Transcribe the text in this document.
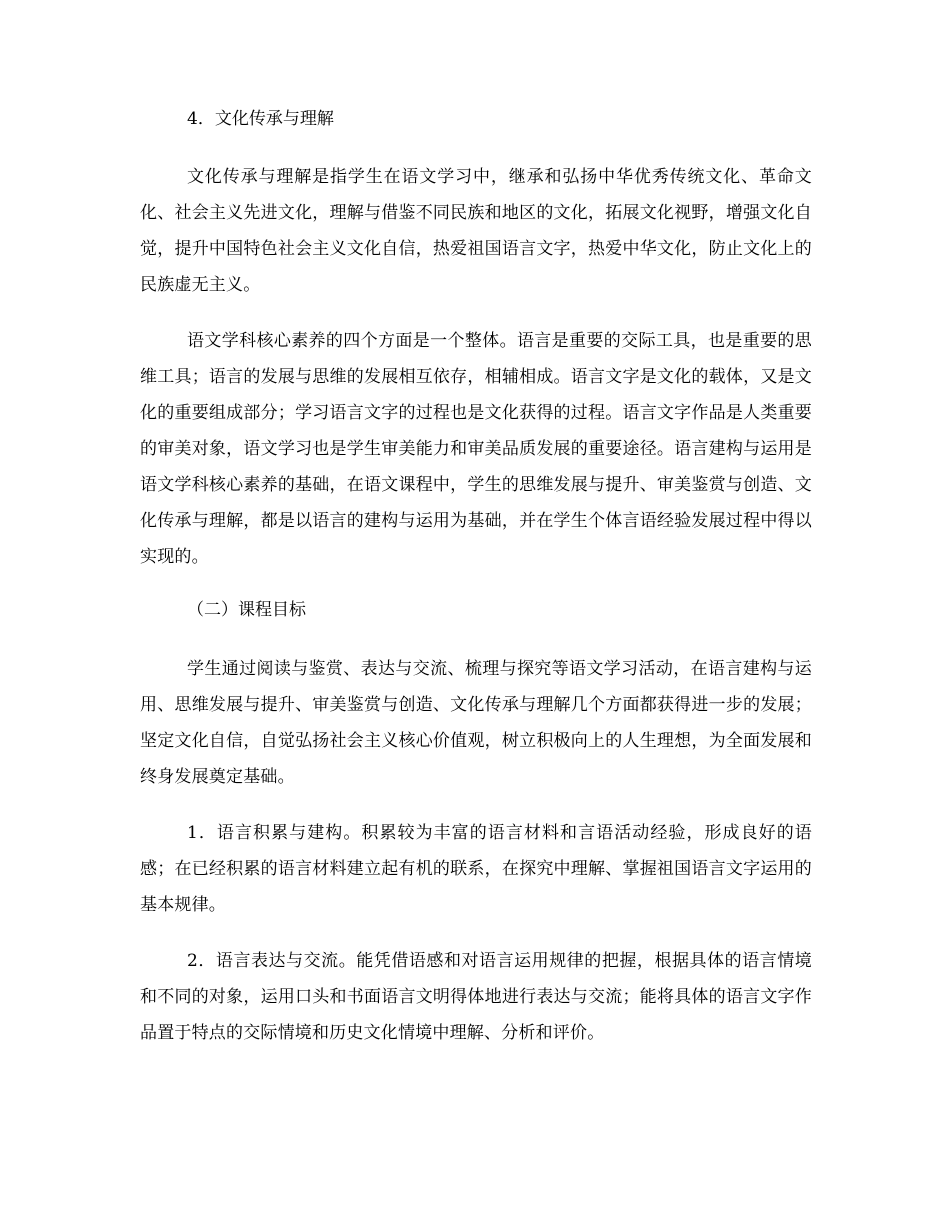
4．文化传承与理解

文化传承与理解是指学生在语文学习中，继承和弘扬中华优秀传统文化、革命文化、社会主义先进文化，理解与借鉴不同民族和地区的文化，拓展文化视野，增强文化自觉，提升中国特色社会主义文化自信，热爱祖国语言文字，热爱中华文化，防止文化上的民族虚无主义。

语文学科核心素养的四个方面是一个整体。语言是重要的交际工具，也是重要的思维工具；语言的发展与思维的发展相互依存，相辅相成。语言文字是文化的载体，又是文化的重要组成部分；学习语言文字的过程也是文化获得的过程。语言文字作品是人类重要的审美对象，语文学习也是学生审美能力和审美品质发展的重要途径。语言建构与运用是语文学科核心素养的基础，在语文课程中，学生的思维发展与提升、审美鉴赏与创造、文化传承与理解，都是以语言的建构与运用为基础，并在学生个体言语经验发展过程中得以实现的。

（二）课程目标

学生通过阅读与鉴赏、表达与交流、梳理与探究等语文学习活动，在语言建构与运用、思维发展与提升、审美鉴赏与创造、文化传承与理解几个方面都获得进一步的发展；坚定文化自信，自觉弘扬社会主义核心价值观，树立积极向上的人生理想，为全面发展和终身发展奠定基础。

1．语言积累与建构。积累较为丰富的语言材料和言语活动经验，形成良好的语感；在已经积累的语言材料建立起有机的联系，在探究中理解、掌握祖国语言文字运用的基本规律。

2．语言表达与交流。能凭借语感和对语言运用规律的把握，根据具体的语言情境和不同的对象，运用口头和书面语言文明得体地进行表达与交流；能将具体的语言文字作品置于特点的交际情境和历史文化情境中理解、分析和评价。
